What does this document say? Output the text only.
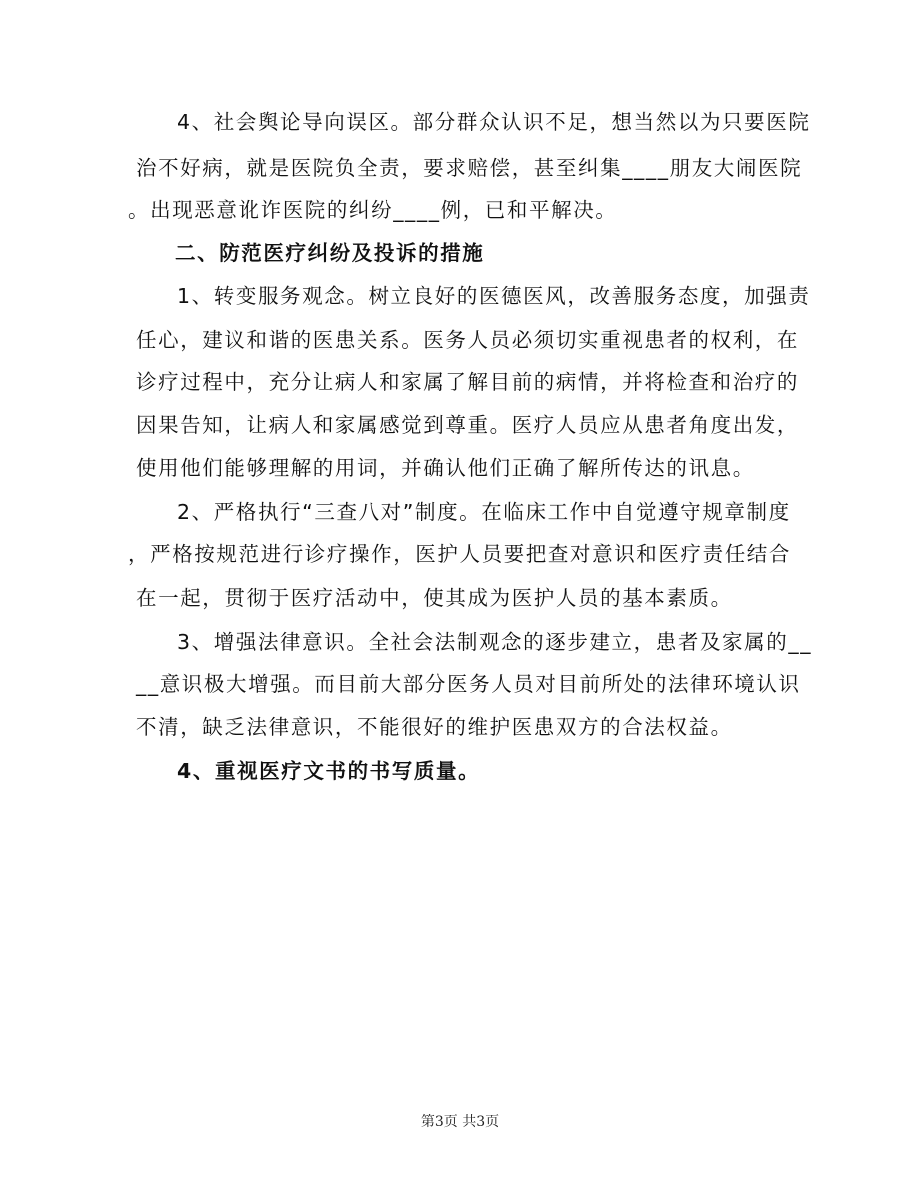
4、社会舆论导向误区。部分群众认识不足，想当然以为只要医院
治不好病，就是医院负全责，要求赔偿，甚至纠集____朋友大闹医院
。出现恶意讹诈医院的纠纷____例，已和平解决。
二、防范医疗纠纷及投诉的措施
1、转变服务观念。树立良好的医德医风，改善服务态度，加强责
任心，建议和谐的医患关系。医务人员必须切实重视患者的权利，在
诊疗过程中，充分让病人和家属了解目前的病情，并将检查和治疗的
因果告知，让病人和家属感觉到尊重。医疗人员应从患者角度出发，
使用他们能够理解的用词，并确认他们正确了解所传达的讯息。
2、严格执行“三查八对”制度。在临床工作中自觉遵守规章制度
，严格按规范进行诊疗操作，医护人员要把查对意识和医疗责任结合
在一起，贯彻于医疗活动中，使其成为医护人员的基本素质。
3、增强法律意识。全社会法制观念的逐步建立，患者及家属的__
__意识极大增强。而目前大部分医务人员对目前所处的法律环境认识
不清，缺乏法律意识，不能很好的维护医患双方的合法权益。
4、重视医疗文书的书写质量。
第3页 共3页
